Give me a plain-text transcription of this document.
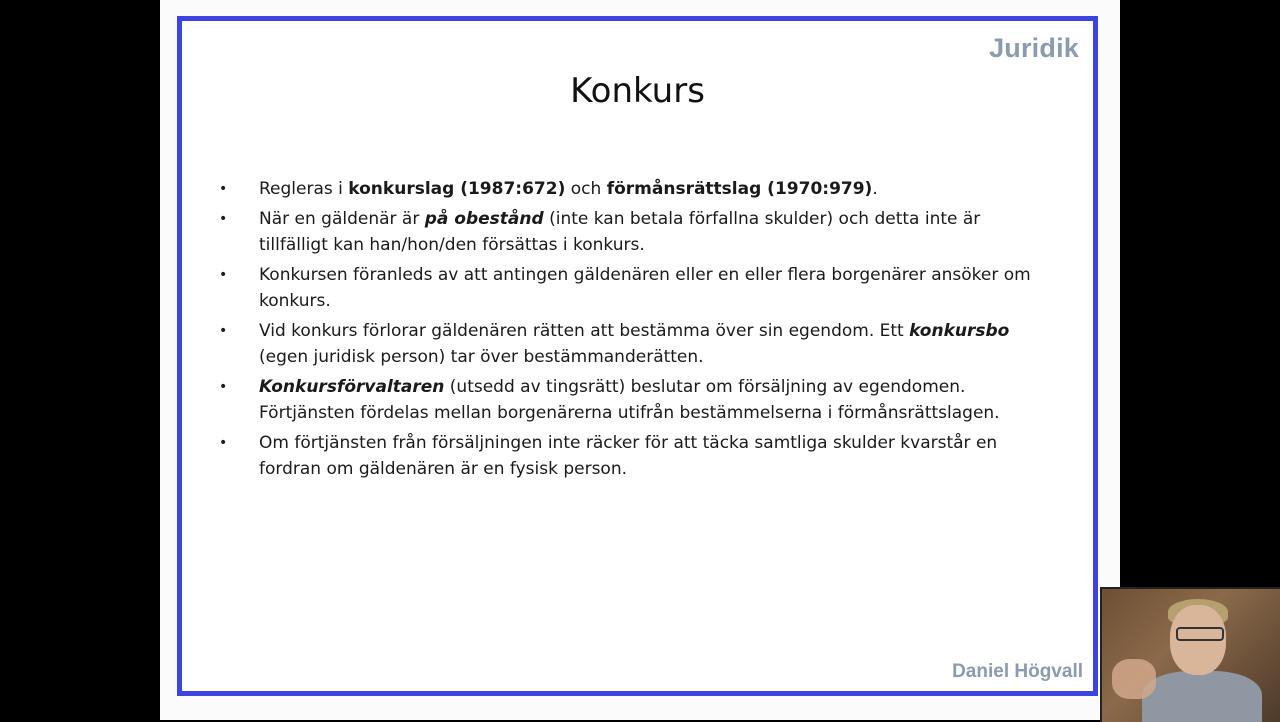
Juridik
Konkurs
•	Regleras i konkurslag (1987:672) och förmånsrättslag (1970:979).
•	När en gäldenär är på obestånd (inte kan betala förfallna skulder) och detta inte är tillfälligt kan han/hon/den försättas i konkurs.
•	Konkursen föranleds av att antingen gäldenären eller en eller flera borgenärer ansöker om konkurs.
•	Vid konkurs förlorar gäldenären rätten att bestämma över sin egendom. Ett konkursbo (egen juridisk person) tar över bestämmanderätten.
•	Konkursförvaltaren (utsedd av tingsrätt) beslutar om försäljning av egendomen. Förtjänsten fördelas mellan borgenärerna utifrån bestämmelserna i förmånsrättslagen.
•	Om förtjänsten från försäljningen inte räcker för att täcka samtliga skulder kvarstår en fordran om gäldenären är en fysisk person.
Daniel Högvall
